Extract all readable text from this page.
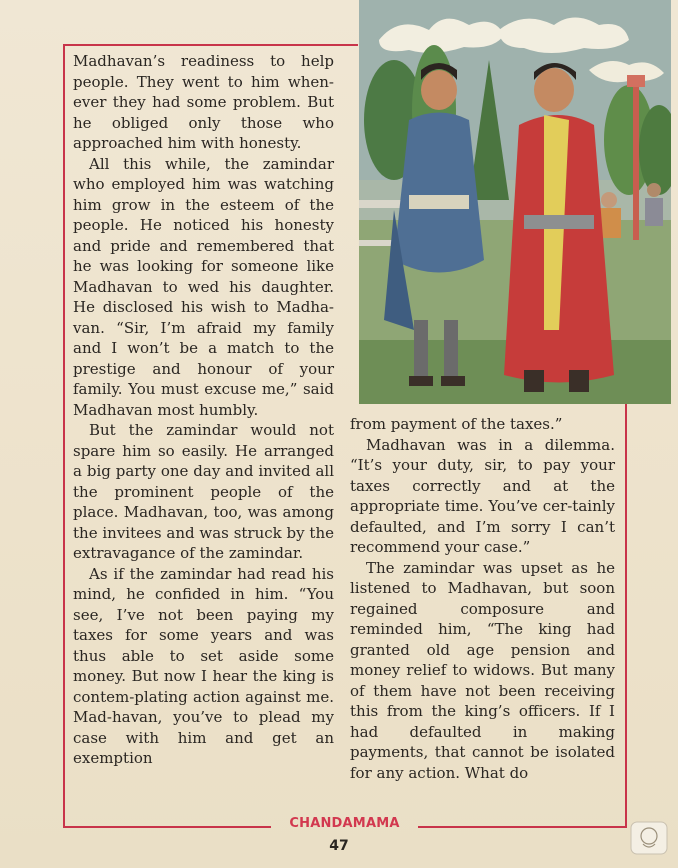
Madhavan’s readiness to help people. They went to him when-ever they had some problem. But he obliged only those who approached him with honesty.

All this while, the zamindar who employed him was watching him grow in the esteem of the people. He noticed his honesty and pride and remembered that he was looking for someone like Madhavan to wed his daughter. He disclosed his wish to Madha-van. “Sir, I’m afraid my family and I won’t be a match to the prestige and honour of your family. You must excuse me,” said Madhavan most humbly.

But the zamindar would not spare him so easily. He arranged a big party one day and invited all the prominent people of the place. Madhavan, too, was among the invitees and was struck by the extravagance of the zamindar.

As if the zamindar had read his mind, he confided in him. “You see, I’ve not been paying my taxes for some years and was thus able to set aside some money. But now I hear the king is contem-plating action against me. Mad-havan, you’ve to plead my case with him and get an exemption

from payment of the taxes.”

Madhavan was in a dilemma. “It’s your duty, sir, to pay your taxes correctly and at the appropriate time. You’ve cer-tainly defaulted, and I’m sorry I can’t recommend your case.”

The zamindar was upset as he listened to Madhavan, but soon regained composure and reminded him, “The king had granted old age pension and money relief to widows. But many of them have not been receiving this from the king’s officers. If I had defaulted in making payments, that cannot be isolated for any action. What do

CHANDAMAMA
47
